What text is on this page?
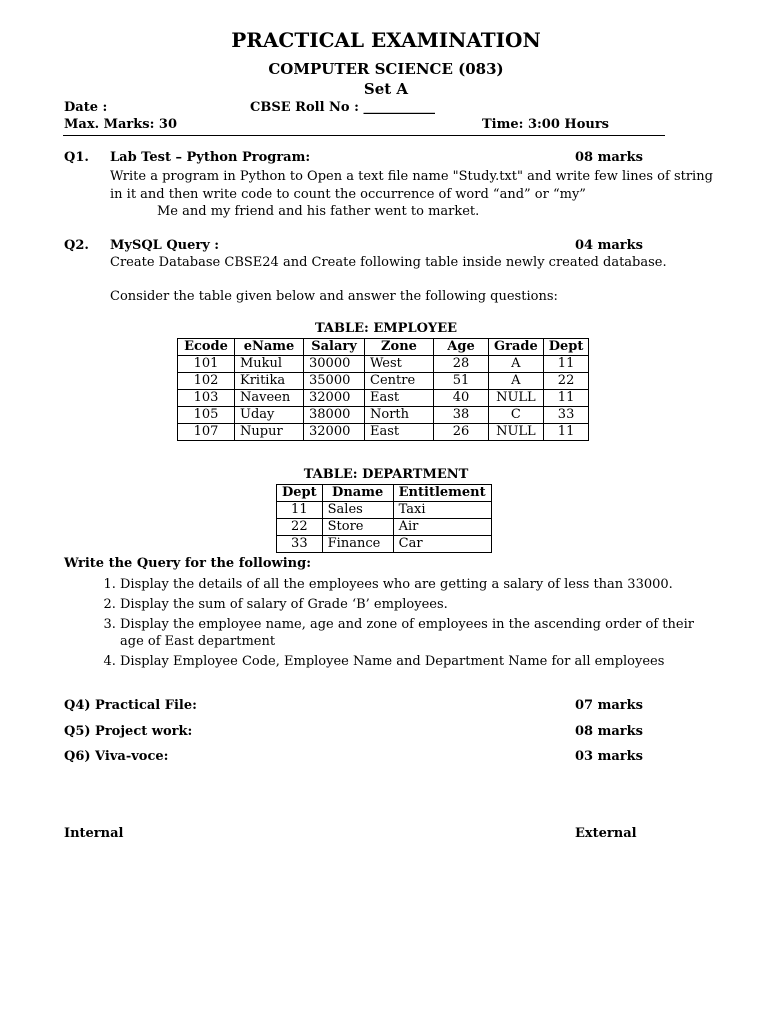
PRACTICAL EXAMINATION
COMPUTER SCIENCE (083)
Set A
Date :	CBSE Roll No : ___________
Max. Marks: 30	Time: 3:00 Hours
Q1. Lab Test – Python Program:	08 marks
Write a program in Python to Open a text file name "Study.txt" and write few lines of string
in it and then write code to count the occurrence of word “and” or “my”
Me and my friend and his father went to market.
Q2. MySQL Query :	04 marks
Create Database CBSE24 and Create following table inside newly created database.
Consider the table given below and answer the following questions:
TABLE: EMPLOYEE
Ecode	eName	Salary	Zone	Age	Grade	Dept
101	Mukul	30000	West	28	A	11
102	Kritika	35000	Centre	51	A	22
103	Naveen	32000	East	40	NULL	11
105	Uday	38000	North	38	C	33
107	Nupur	32000	East	26	NULL	11
TABLE: DEPARTMENT
Dept	Dname	Entitlement
11	Sales	Taxi
22	Store	Air
33	Finance	Car
Write the Query for the following:
1. Display the details of all the employees who are getting a salary of less than 33000.
2. Display the sum of salary of Grade ‘B’ employees.
3. Display the employee name, age and zone of employees in the ascending order of their age of East department
4. Display Employee Code, Employee Name and Department Name for all employees
Q4) Practical File:	07 marks
Q5) Project work:	08 marks
Q6) Viva-voce:	03 marks
Internal	External
